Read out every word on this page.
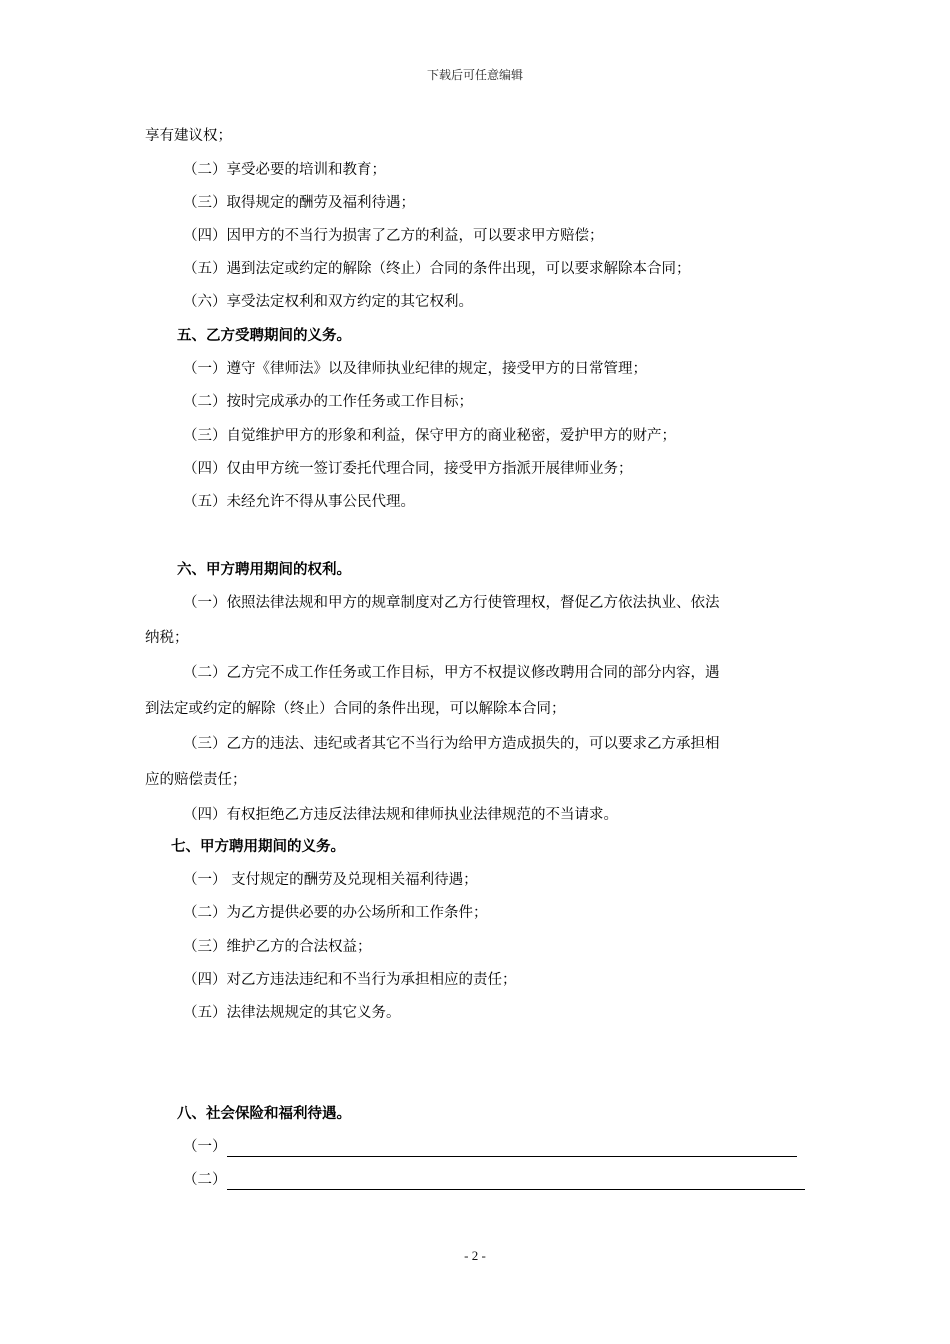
下载后可任意编辑
享有建议权；
（二）享受必要的培训和教育；
（三）取得规定的酬劳及福利待遇；
（四）因甲方的不当行为损害了乙方的利益，可以要求甲方赔偿；
（五）遇到法定或约定的解除（终止）合同的条件出现，可以要求解除本合同；
（六）享受法定权利和双方约定的其它权利。
五、乙方受聘期间的义务。
（一）遵守《律师法》以及律师执业纪律的规定，接受甲方的日常管理；
（二）按时完成承办的工作任务或工作目标；
（三）自觉维护甲方的形象和利益，保守甲方的商业秘密，爱护甲方的财产；
（四）仅由甲方统一签订委托代理合同，接受甲方指派开展律师业务；
（五）未经允许不得从事公民代理。
六、甲方聘用期间的权利。
（一）依照法律法规和甲方的规章制度对乙方行使管理权，督促乙方依法执业、依法
纳税；
（二）乙方完不成工作任务或工作目标，甲方不权提议修改聘用合同的部分内容，遇
到法定或约定的解除（终止）合同的条件出现，可以解除本合同；
（三）乙方的违法、违纪或者其它不当行为给甲方造成损失的，可以要求乙方承担相
应的赔偿责任；
（四）有权拒绝乙方违反法律法规和律师执业法律规范的不当请求。
七、甲方聘用期间的义务。
（一） 支付规定的酬劳及兑现相关福利待遇；
（二）为乙方提供必要的办公场所和工作条件；
（三）维护乙方的合法权益；
（四）对乙方违法违纪和不当行为承担相应的责任；
（五）法律法规规定的其它义务。
八、社会保险和福利待遇。
（一）
（二）
- 2 -
